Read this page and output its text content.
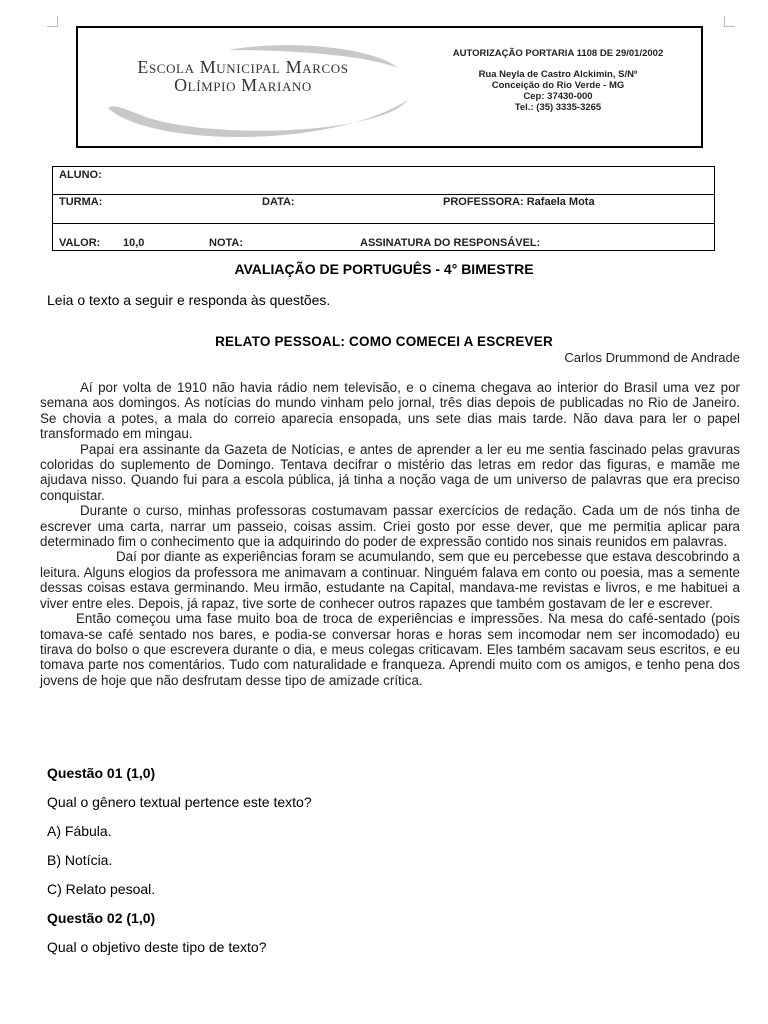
Escola Municipal Marcos
Olímpio Mariano
AUTORIZAÇÃO PORTARIA 1108 DE 29/01/2002
Rua Neyla de Castro Alckimin, S/Nº
Conceição do Rio Verde - MG
Cep: 37430-000
Tel.: (35) 3335-3265
ALUNO:
TURMA:	DATA:	PROFESSORA: Rafaela Mota
VALOR: 10,0	NOTA:	ASSINATURA DO RESPONSÁVEL:
AVALIAÇÃO DE PORTUGUÊS - 4° BIMESTRE
Leia o texto a seguir e responda às questões.
RELATO PESSOAL: COMO COMECEI A ESCREVER
Carlos Drummond de Andrade

Aí por volta de 1910 não havia rádio nem televisão, e o cinema chegava ao interior do Brasil uma vez por semana aos domingos. As notícias do mundo vinham pelo jornal, três dias depois de publicadas no Rio de Janeiro. Se chovia a potes, a mala do correio aparecia ensopada, uns sete dias mais tarde. Não dava para ler o papel transformado em mingau.

Papai era assinante da Gazeta de Notícias, e antes de aprender a ler eu me sentia fascinado pelas gravuras coloridas do suplemento de Domingo. Tentava decifrar o mistério das letras em redor das figuras, e mamãe me ajudava nisso. Quando fui para a escola pública, já tinha a noção vaga de um universo de palavras que era preciso conquistar.

Durante o curso, minhas professoras costumavam passar exercícios de redação. Cada um de nós tinha de escrever uma carta, narrar um passeio, coisas assim. Criei gosto por esse dever, que me permitia aplicar para determinado fim o conhecimento que ia adquirindo do poder de expressão contido nos sinais reunidos em palavras.

Daí por diante as experiências foram se acumulando, sem que eu percebesse que estava descobrindo a leitura. Alguns elogios da professora me animavam a continuar. Ninguém falava em conto ou poesia, mas a semente dessas coisas estava germinando. Meu irmão, estudante na Capital, mandava-me revistas e livros, e me habituei a viver entre eles. Depois, já rapaz, tive sorte de conhecer outros rapazes que também gostavam de ler e escrever.

Então começou uma fase muito boa de troca de experiências e impressões. Na mesa do café-sentado (pois tomava-se café sentado nos bares, e podia-se conversar horas e horas sem incomodar nem ser incomodado) eu tirava do bolso o que escrevera durante o dia, e meus colegas criticavam. Eles também sacavam seus escritos, e eu tomava parte nos comentários. Tudo com naturalidade e franqueza. Aprendi muito com os amigos, e tenho pena dos jovens de hoje que não desfrutam desse tipo de amizade crítica.

Questão 01 (1,0)
Qual o gênero textual pertence este texto?
A) Fábula.
B) Notícia.
C) Relato pesoal.
Questão 02 (1,0)
Qual o objetivo deste tipo de texto?
